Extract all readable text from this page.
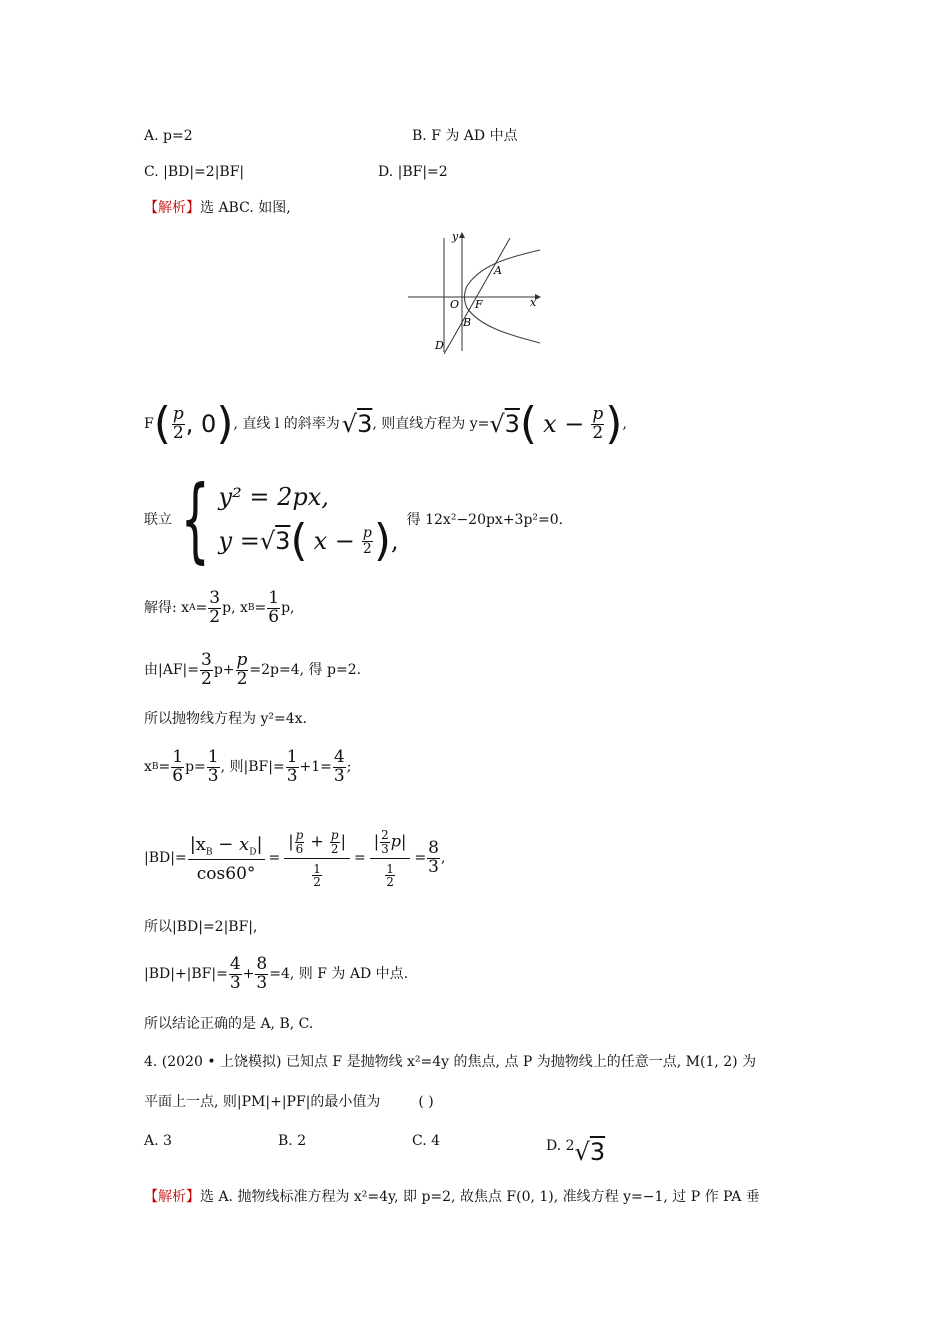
A. p=2	B. F 为 AD 中点
C. |BD|=2|BF|	D. |BF|=2
【解析】选 ABC. 如图,
y
x
O F
A
B
D
F ( $\frac{p}{2}$ , 0 ) , 直线 l 的斜率为 √3 , 则直线方程为 y= √3 ( $x - \frac{p}{2}$ ) ,
联立 { y² = 2px,
y = √3 ( $x - \frac{p}{2}$ ) ,
得 12x²−20px+3p²=0.
解得: x $A = \frac{3}{2} p$, x $B = \frac{1}{6} p$,
由$|AF|= \frac{3}{2} p+ \frac{p}{2} =2p=4$, 得 p=2.
所以抛物线方程为 y²=4x.
x $B = \frac{1}{6} p= \frac{1}{3}$ , 则$|BF|= \frac{1}{3} +1= \frac{4}{3}$ ;
$|BD|= \frac{|x_B - x_D|}{\cos 60^\circ} = \frac{| \frac{p}{6} + \frac{p}{2} |}{\frac{1}{2}} = \frac{| \frac{2}{3} p|}{\frac{1}{2}} = \frac{8}{3}$ ,
所以|BD|=2|BF|,
$|BD|+|BF|= \frac{4}{3} + \frac{8}{3} =4$, 则 F 为 AD 中点.
所以结论正确的是 A, B, C.
4. (2020 • 上饶模拟) 已知点 F 是抛物线 x²=4y 的焦点, 点 P 为抛物线上的任意一点, M(1, 2) 为
平面上一点, 则|PM|+|PF|的最小值为	( )
A. 3	B. 2	C. 4	D. 2 √3
【解析】选 A. 抛物线标准方程为 x²=4y, 即 p=2, 故焦点 F(0, 1), 准线方程 y=−1, 过 P 作 PA 垂
